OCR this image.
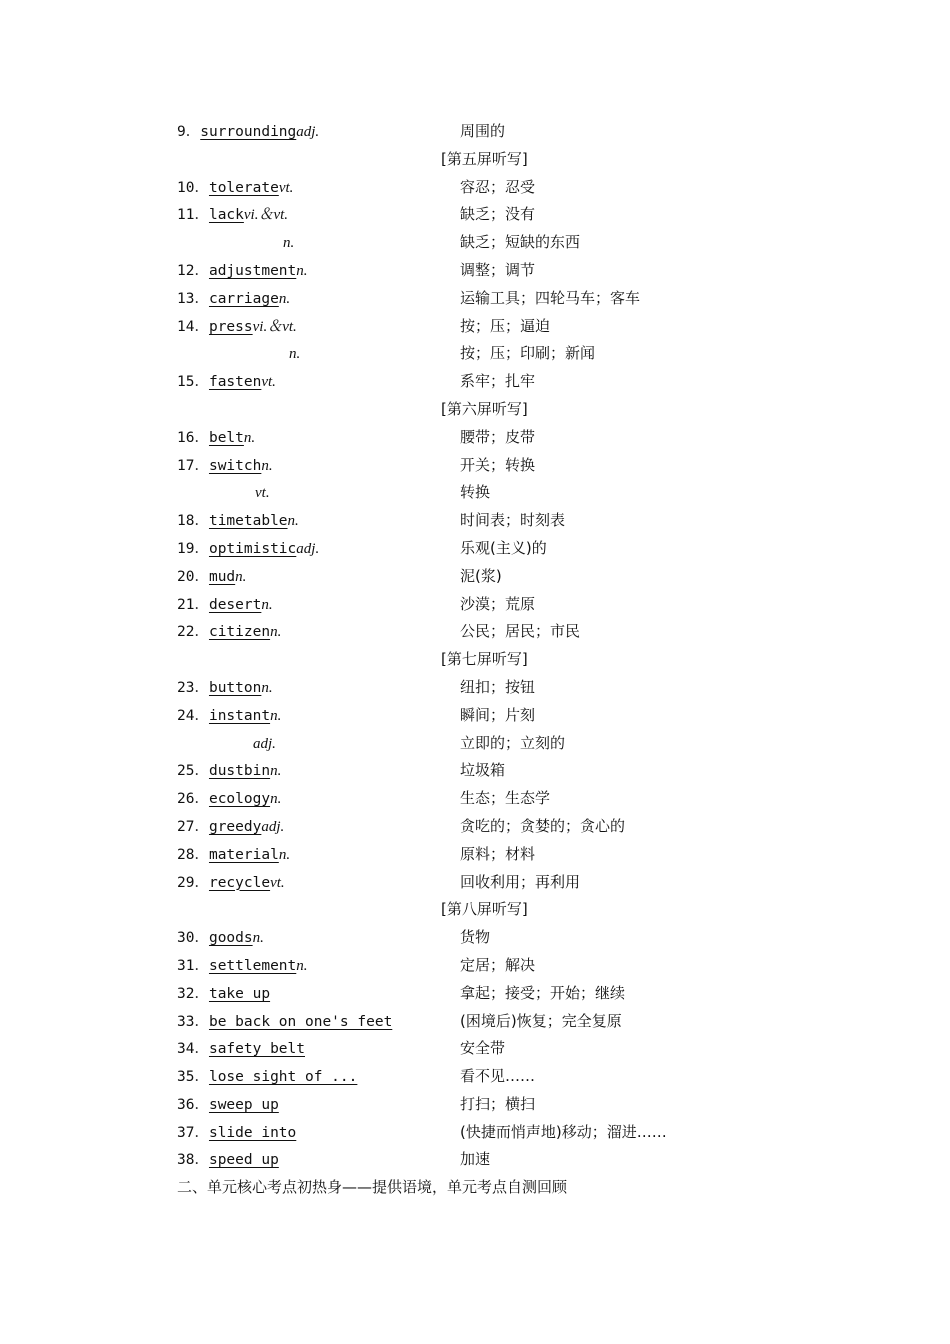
9．surroundingadj.	周围的
[第五屏听写]
10．toleratevt.	容忍；忍受
11．lackvi.＆vt.	缺乏；没有
n.	缺乏；短缺的东西
12．adjustmentn.	调整；调节
13．carriagen.	运输工具；四轮马车；客车
14．pressvi.＆vt.	按；压；逼迫
n.	按；压；印刷；新闻
15．fastenvt.	系牢；扎牢
[第六屏听写]
16．beltn.	腰带；皮带
17．switchn.	开关；转换
vt.	转换
18．timetablen.	时间表；时刻表
19．optimisticadj.	乐观(主义)的
20．mudn.	泥(浆)
21．desertn.	沙漠；荒原
22．citizenn.	公民；居民；市民
[第七屏听写]
23．buttonn.	纽扣；按钮
24．instantn.	瞬间；片刻
adj.	立即的；立刻的
25．dustbinn.	垃圾箱
26．ecologyn.	生态；生态学
27．greedyadj.	贪吃的；贪婪的；贪心的
28．materialn.	原料；材料
29．recyclevt.	回收利用；再利用
[第八屏听写]
30．goodsn.	货物
31．settlementn.	定居；解决
32．take up	拿起；接受；开始；继续
33．be back on one's feet	(困境后)恢复；完全复原
34．safety belt	安全带
35．lose sight of ...	看不见……
36．sweep up	打扫；横扫
37．slide into	(快捷而悄声地)移动；溜进……
38．speed up	加速
二、单元核心考点初热身——提供语境，单元考点自测回顾
